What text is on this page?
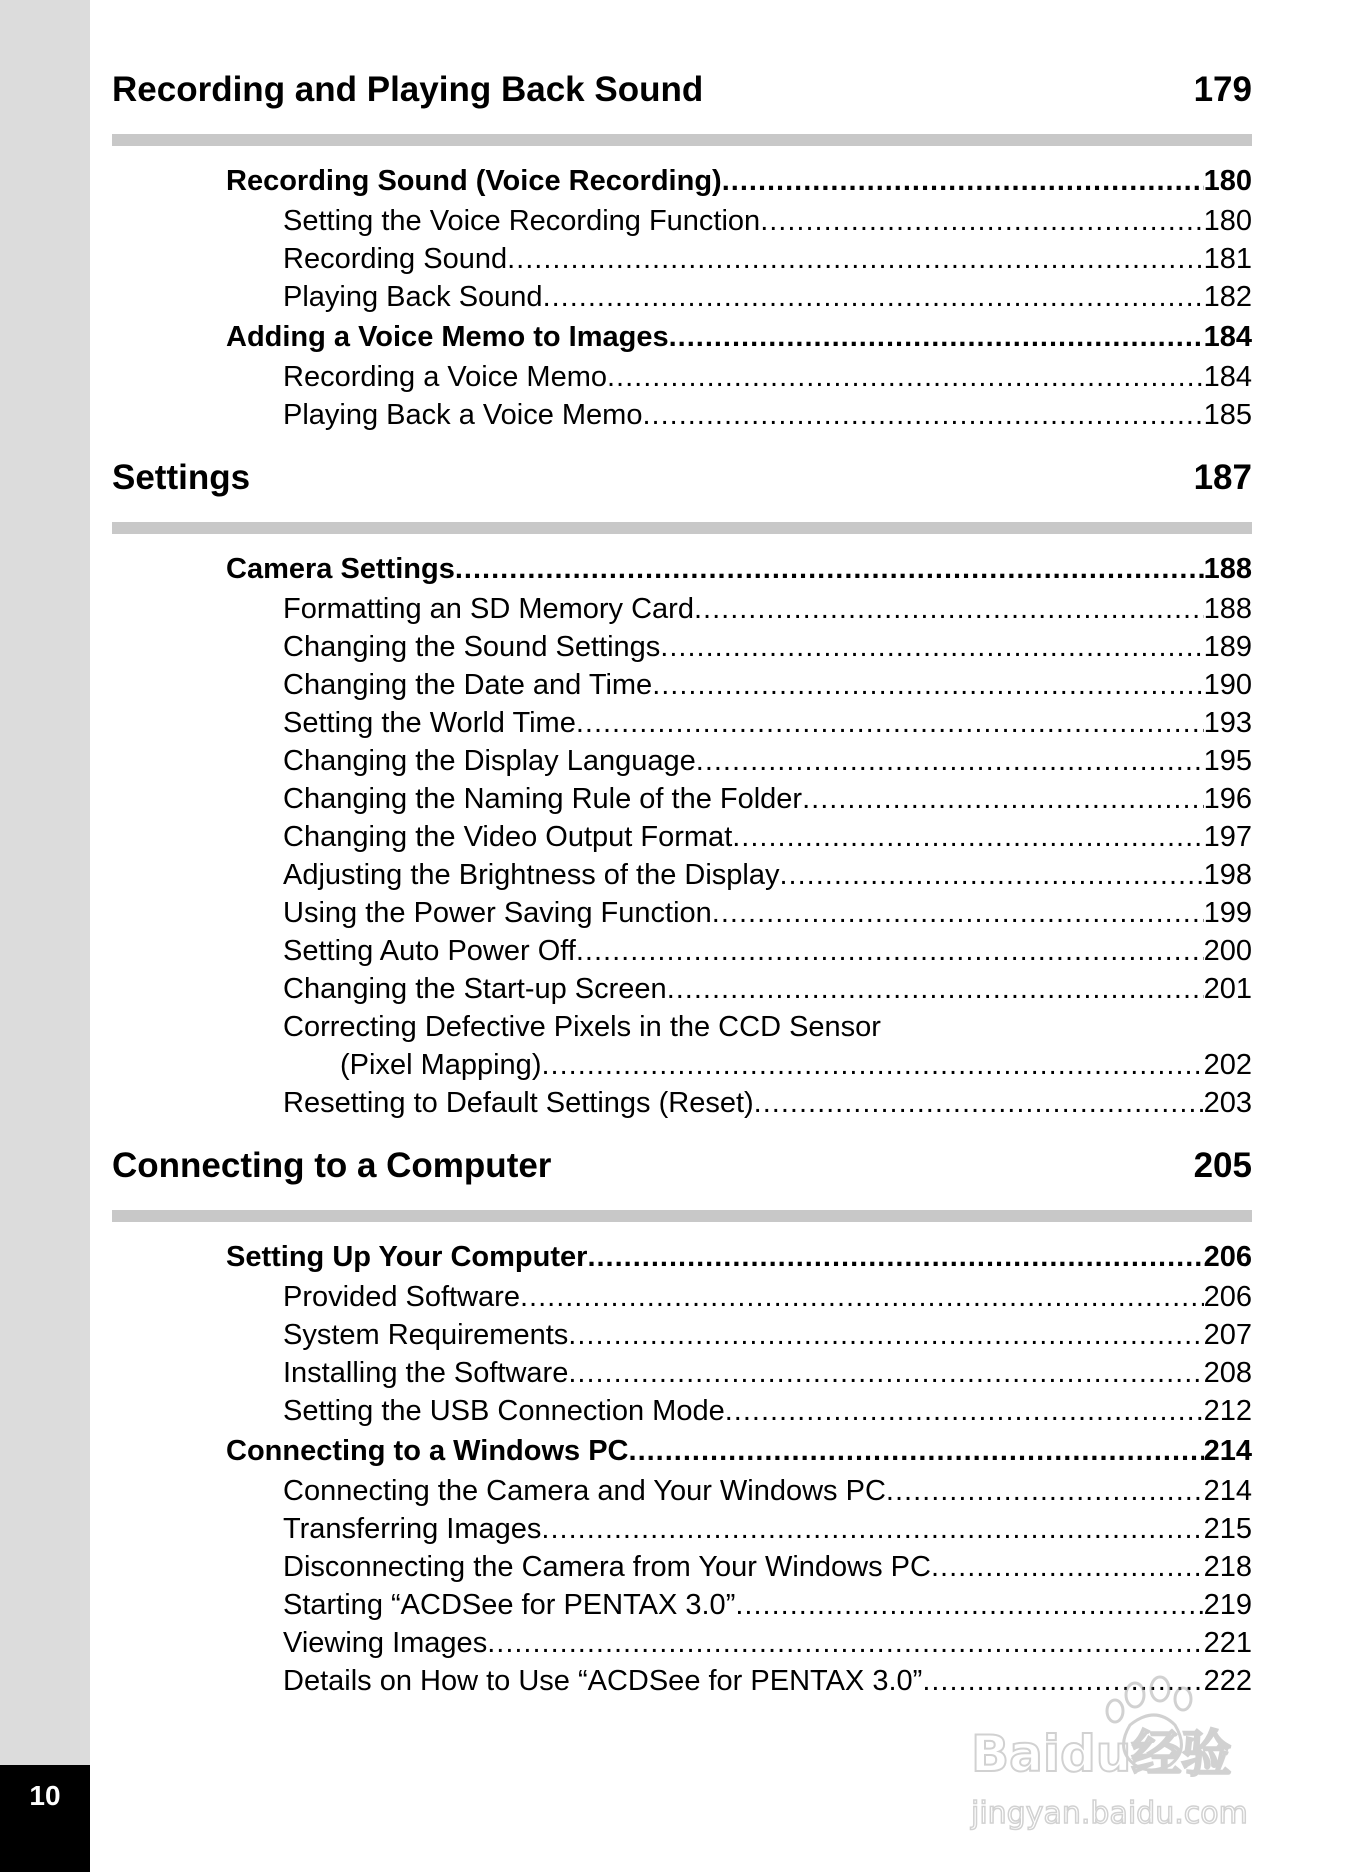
10
Recording and Playing Back Sound	179
Recording Sound (Voice Recording) .....	180
Setting the Voice Recording Function .....	180
Recording Sound .....	181
Playing Back Sound .....	182
Adding a Voice Memo to Images .....	184
Recording a Voice Memo .....	184
Playing Back a Voice Memo .....	185
Settings	187
Camera Settings .....	188
Formatting an SD Memory Card .....	188
Changing the Sound Settings .....	189
Changing the Date and Time .....	190
Setting the World Time .....	193
Changing the Display Language .....	195
Changing the Naming Rule of the Folder .....	196
Changing the Video Output Format .....	197
Adjusting the Brightness of the Display .....	198
Using the Power Saving Function .....	199
Setting Auto Power Off .....	200
Changing the Start-up Screen .....	201
Correcting Defective Pixels in the CCD Sensor
(Pixel Mapping) .....	202
Resetting to Default Settings (Reset) .....	203
Connecting to a Computer	205
Setting Up Your Computer .....	206
Provided Software .....	206
System Requirements .....	207
Installing the Software .....	208
Setting the USB Connection Mode .....	212
Connecting to a Windows PC .....	214
Connecting the Camera and Your Windows PC .....	214
Transferring Images .....	215
Disconnecting the Camera from Your Windows PC .....	218
Starting “ACDSee for PENTAX 3.0” .....	219
Viewing Images .....	221
Details on How to Use “ACDSee for PENTAX 3.0” .....	222
Baidu经验
jingyan.baidu.com
